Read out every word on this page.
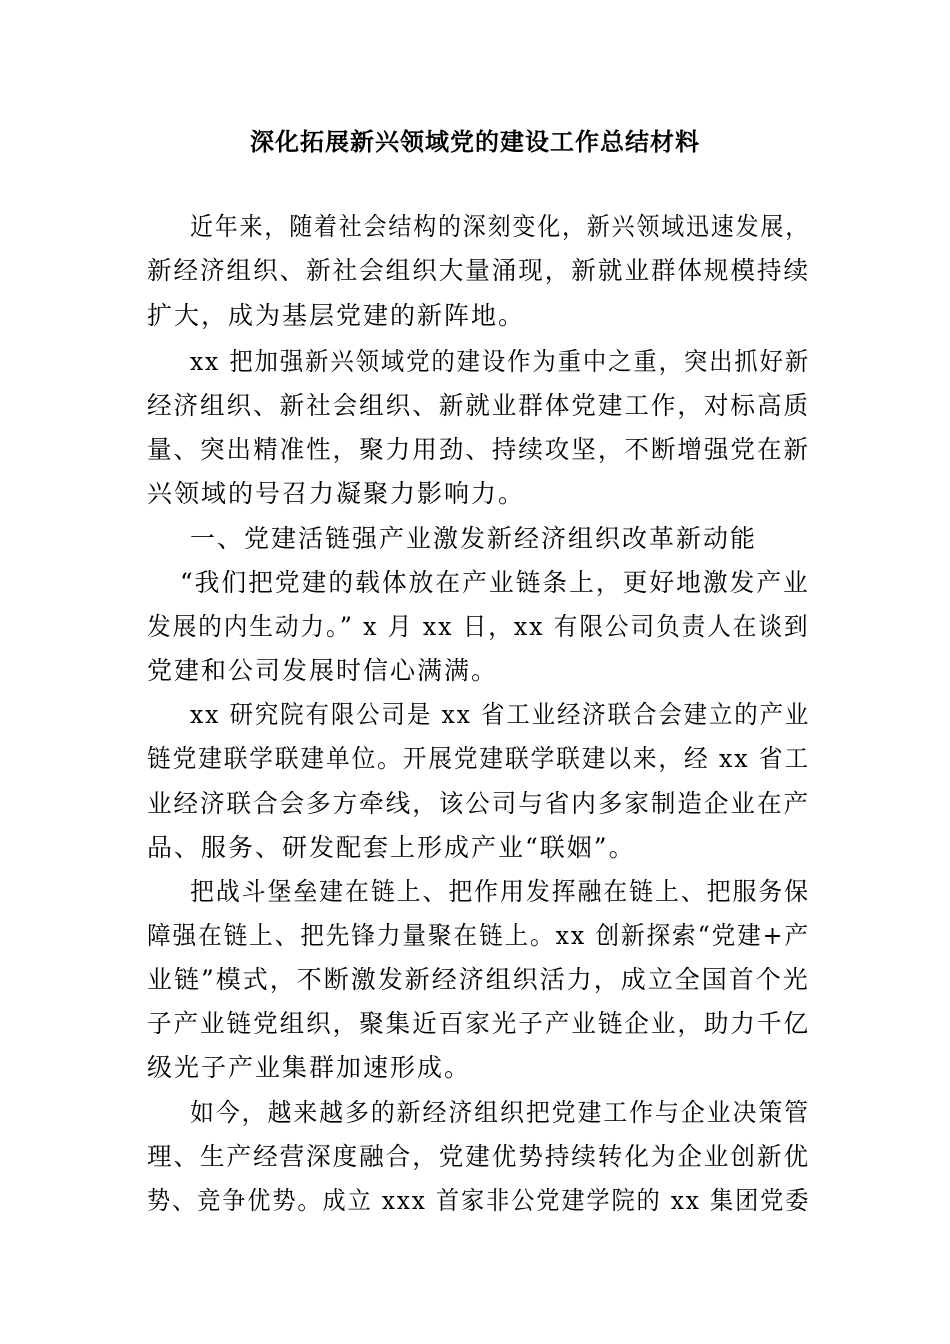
深化拓展新兴领域党的建设工作总结材料
近年来，随着社会结构的深刻变化，新兴领域迅速发展，
新经济组织、新社会组织大量涌现，新就业群体规模持续
扩大，成为基层党建的新阵地。
xx 把加强新兴领域党的建设作为重中之重，突出抓好新
经济组织、新社会组织、新就业群体党建工作，对标高质
量、突出精准性，聚力用劲、持续攻坚，不断增强党在新
兴领域的号召力凝聚力影响力。
一、党建活链强产业激发新经济组织改革新动能
“我们把党建的载体放在产业链条上，更好地激发产业
发展的内生动力。” x 月 xx 日，xx 有限公司负责人在谈到
党建和公司发展时信心满满。
xx 研究院有限公司是 xx 省工业经济联合会建立的产业
链党建联学联建单位。开展党建联学联建以来，经 xx 省工
业经济联合会多方牵线，该公司与省内多家制造企业在产
品、服务、研发配套上形成产业“联姻”。
把战斗堡垒建在链上、把作用发挥融在链上、把服务保
障强在链上、把先锋力量聚在链上。xx 创新探索“党建+产
业链”模式，不断激发新经济组织活力，成立全国首个光
子产业链党组织，聚集近百家光子产业链企业，助力千亿
级光子产业集群加速形成。
如今，越来越多的新经济组织把党建工作与企业决策管
理、生产经营深度融合，党建优势持续转化为企业创新优
势、竞争优势。成立 xxx 首家非公党建学院的 xx 集团党委
